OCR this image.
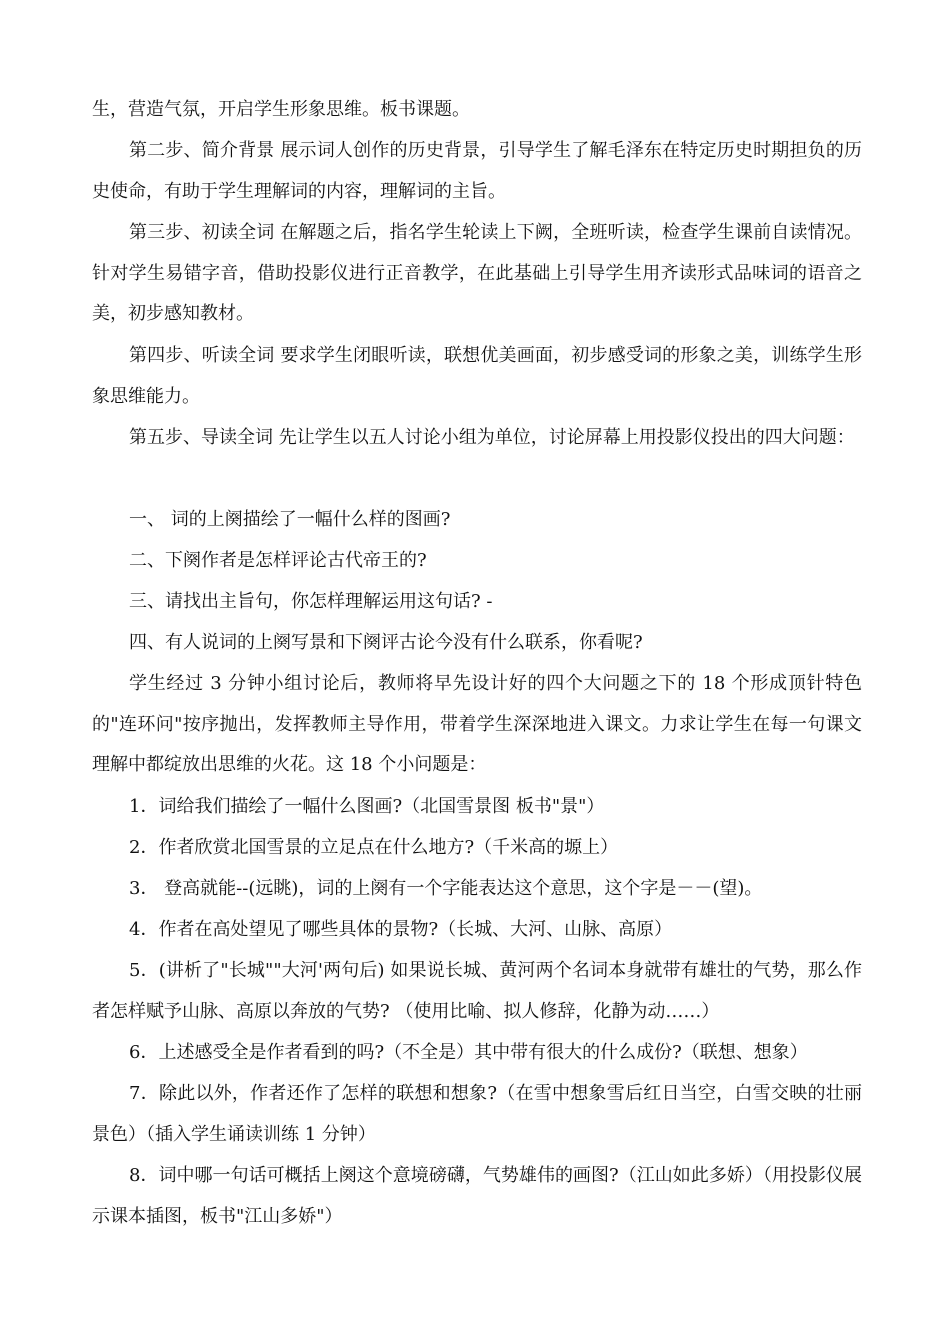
生，营造气氛，开启学生形象思维。板书课题。

第二步、简介背景 展示词人创作的历史背景，引导学生了解毛泽东在特定历史时期担负的历史使命，有助于学生理解词的内容，理解词的主旨。

第三步、初读全词 在解题之后，指名学生轮读上下阙，全班听读，检查学生课前自读情况。针对学生易错字音，借助投影仪进行正音教学，在此基础上引导学生用齐读形式品味词的语音之美，初步感知教材。

第四步、听读全词 要求学生闭眼听读，联想优美画面，初步感受词的形象之美，训练学生形象思维能力。

第五步、导读全词 先让学生以五人讨论小组为单位，讨论屏幕上用投影仪投出的四大问题：

一、 词的上阕描绘了一幅什么样的图画?

二、下阕作者是怎样评论古代帝王的?

三、请找出主旨句，你怎样理解运用这句话? -

四、有人说词的上阕写景和下阕评古论今没有什么联系，你看呢?

学生经过 3 分钟小组讨论后，教师将早先设计好的四个大问题之下的 18 个形成顶针特色的"连环问"按序抛出，发挥教师主导作用，带着学生深深地进入课文。力求让学生在每一句课文理解中都绽放出思维的火花。这 18 个小问题是：

1．词给我们描绘了一幅什么图画?（北国雪景图 板书"景"）

2．作者欣赏北国雪景的立足点在什么地方?（千米高的塬上）

3． 登高就能--(远眺)，词的上阕有一个字能表达这个意思，这个字是－－(望)。

4．作者在高处望见了哪些具体的景物?（长城、大河、山脉、高原）

5．(讲析了"长城""大河'两句后) 如果说长城、黄河两个名词本身就带有雄壮的气势，那么作者怎样赋予山脉、高原以奔放的气势? （使用比喻、拟人修辞，化静为动……）

6．上述感受全是作者看到的吗?（不全是）其中带有很大的什么成份?（联想、想象）

7．除此以外，作者还作了怎样的联想和想象?（在雪中想象雪后红日当空，白雪交映的壮丽景色）（插入学生诵读训练 1 分钟）

8．词中哪一句话可概括上阕这个意境磅礴，气势雄伟的画图?（江山如此多娇）（用投影仪展示课本插图，板书"江山多娇"）
